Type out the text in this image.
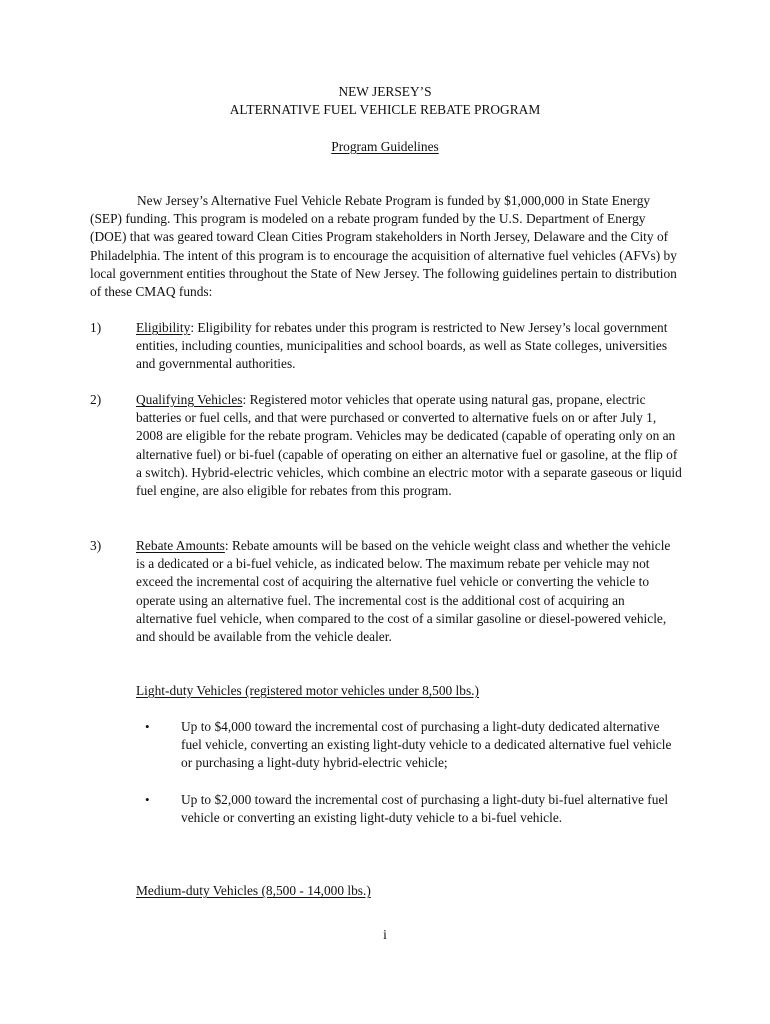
NEW JERSEY’S
ALTERNATIVE FUEL VEHICLE REBATE PROGRAM
Program Guidelines

New Jersey’s Alternative Fuel Vehicle Rebate Program is funded by $1,000,000 in State Energy (SEP) funding. This program is modeled on a rebate program funded by the U.S. Department of Energy (DOE) that was geared toward Clean Cities Program stakeholders in North Jersey, Delaware and the City of Philadelphia. The intent of this program is to encourage the acquisition of alternative fuel vehicles (AFVs) by local government entities throughout the State of New Jersey. The following guidelines pertain to distribution of these CMAQ funds:

1)	Eligibility: Eligibility for rebates under this program is restricted to New Jersey’s local government entities, including counties, municipalities and school boards, as well as State colleges, universities and governmental authorities.

2)	Qualifying Vehicles: Registered motor vehicles that operate using natural gas, propane, electric batteries or fuel cells, and that were purchased or converted to alternative fuels on or after July 1, 2008 are eligible for the rebate program. Vehicles may be dedicated (capable of operating only on an alternative fuel) or bi-fuel (capable of operating on either an alternative fuel or gasoline, at the flip of a switch). Hybrid-electric vehicles, which combine an electric motor with a separate gaseous or liquid fuel engine, are also eligible for rebates from this program.

3)	Rebate Amounts: Rebate amounts will be based on the vehicle weight class and whether the vehicle is a dedicated or a bi-fuel vehicle, as indicated below. The maximum rebate per vehicle may not exceed the incremental cost of acquiring the alternative fuel vehicle or converting the vehicle to operate using an alternative fuel. The incremental cost is the additional cost of acquiring an alternative fuel vehicle, when compared to the cost of a similar gasoline or diesel-powered vehicle, and should be available from the vehicle dealer.

Light-duty Vehicles (registered motor vehicles under 8,500 lbs.)
• Up to $4,000 toward the incremental cost of purchasing a light-duty dedicated alternative fuel vehicle, converting an existing light-duty vehicle to a dedicated alternative fuel vehicle or purchasing a light-duty hybrid-electric vehicle;

• Up to $2,000 toward the incremental cost of purchasing a light-duty bi-fuel alternative fuel vehicle or converting an existing light-duty vehicle to a bi-fuel vehicle.

Medium-duty Vehicles (8,500 - 14,000 lbs.)
i
